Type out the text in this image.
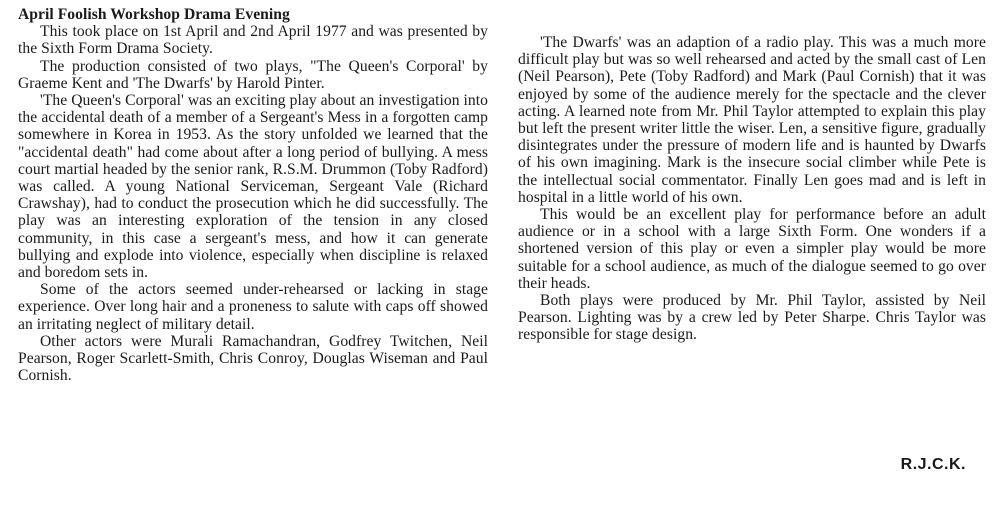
April Foolish Workshop Drama Evening

This took place on 1st April and 2nd April 1977 and was presented by the Sixth Form Drama Society.

The production consisted of two plays, "The Queen's Corporal' by Graeme Kent and 'The Dwarfs' by Harold Pinter.

'The Queen's Corporal' was an exciting play about an investigation into the accidental death of a member of a Sergeant's Mess in a forgotten camp somewhere in Korea in 1953. As the story unfolded we learned that the "accidental death" had come about after a long period of bullying. A mess court martial headed by the senior rank, R.S.M. Drummon (Toby Radford) was called. A young National Serviceman, Sergeant Vale (Richard Crawshay), had to conduct the prosecution which he did successfully. The play was an interesting exploration of the tension in any closed community, in this case a sergeant's mess, and how it can generate bullying and explode into violence, especially when discipline is relaxed and boredom sets in.

Some of the actors seemed under-rehearsed or lacking in stage experience. Over long hair and a proneness to salute with caps off showed an irritating neglect of military detail.

Other actors were Murali Ramachandran, Godfrey Twitchen, Neil Pearson, Roger Scarlett-Smith, Chris Conroy, Douglas Wiseman and Paul Cornish.

'The Dwarfs' was an adaption of a radio play. This was a much more difficult play but was so well rehearsed and acted by the small cast of Len (Neil Pearson), Pete (Toby Radford) and Mark (Paul Cornish) that it was enjoyed by some of the audience merely for the spectacle and the clever acting. A learned note from Mr. Phil Taylor attempted to explain this play but left the present writer little the wiser. Len, a sensitive figure, gradually disintegrates under the pressure of modern life and is haunted by Dwarfs of his own imagining. Mark is the insecure social climber while Pete is the intellectual social commentator. Finally Len goes mad and is left in hospital in a little world of his own.

This would be an excellent play for performance before an adult audience or in a school with a large Sixth Form. One wonders if a shortened version of this play or even a simpler play would be more suitable for a school audience, as much of the dialogue seemed to go over their heads.

Both plays were produced by Mr. Phil Taylor, assisted by Neil Pearson. Lighting was by a crew led by Peter Sharpe. Chris Taylor was responsible for stage design.

R.J.C.K.
